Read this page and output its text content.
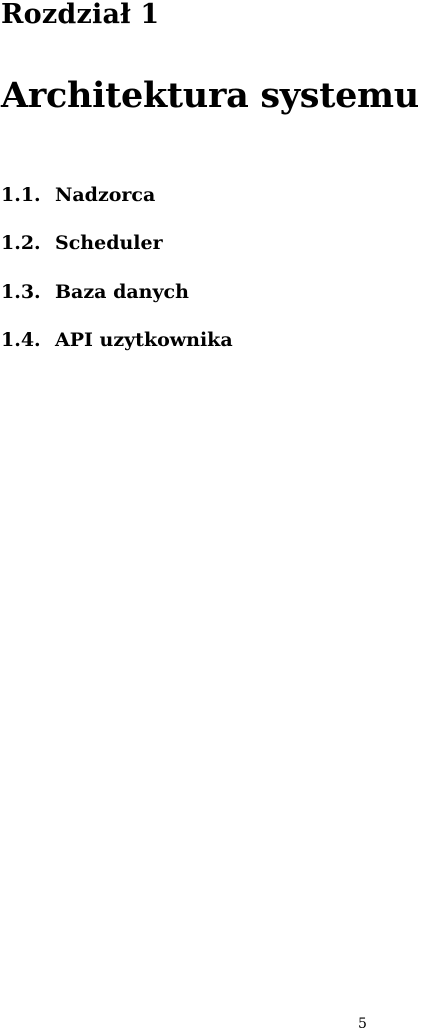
Rozdział 1
Architektura systemu
1.1. Nadzorca
1.2. Scheduler
1.3. Baza danych
1.4. API uzytkownika
5
